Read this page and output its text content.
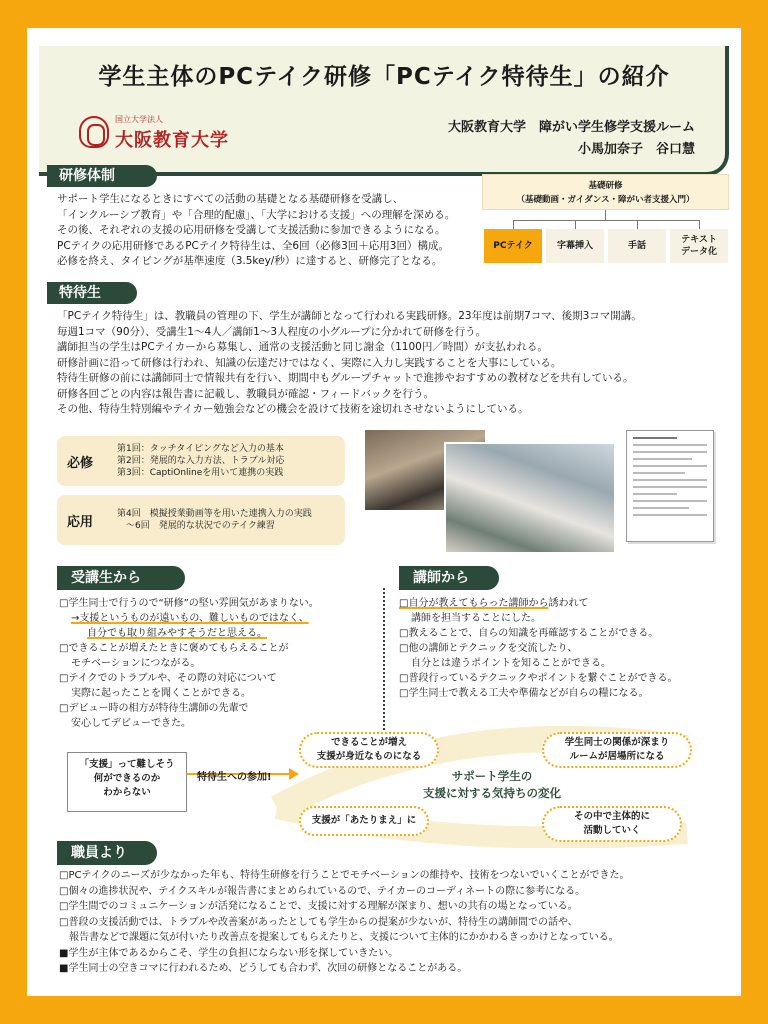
学生主体のPCテイク研修「PCテイク特待生」の紹介
国立大学法人
大阪教育大学
大阪教育大学　障がい学生修学支援ルーム
小馬加奈子　谷口慧
研修体制
サポート学生になるときにすべての活動の基礎となる基礎研修を受講し、
「インクルーシブ教育」や「合理的配慮」、「大学における支援」への理解を深める。
その後、それぞれの支援の応用研修を受講して支援活動に参加できるようになる。
PCテイクの応用研修であるPCテイク特待生は、全6回（必修3回＋応用3回）構成。
必修を終え、タイピングが基準速度（3.5key/秒）に達すると、研修完了となる。
基礎研修
（基礎動画・ガイダンス・障がい者支援入門）
PCテイク	字幕挿入	手話
テキスト
データ化
特待生
「PCテイク特待生」は、教職員の管理の下、学生が講師となって行われる実践研修。23年度は前期7コマ、後期3コマ開講。
毎週1コマ（90分）、受講生1～4人／講師1～3人程度の小グループに分かれて研修を行う。
講師担当の学生はPCテイカーから募集し、通常の支援活動と同じ謝金（1100円／時間）が支払われる。
研修計画に沿って研修は行われ、知識の伝達だけではなく、実際に入力し実践することを大事にしている。
特待生研修の前には講師同士で情報共有を行い、期間中もグループチャットで進捗やおすすめの教材などを共有している。
研修各回ごとの内容は報告書に記載し、教職員が確認・フィードバックを行う。
その他、特待生特別編やテイカー勉強会などの機会を設けて技術を途切れさせないようにしている。
必修
第1回：タッチタイピングなど入力の基本
第2回：発展的な入力方法、トラブル対応
第3回：CaptiOnlineを用いて連携の実践
応用
第4回　模擬授業動画等を用いた連携入力の実践
　～6回　発展的な状況でのテイク練習
受講生から
□学生同士で行うので“研修”の堅い雰囲気があまりない。
→支援というものが遠いもの、難しいものではなく、
自分でも取り組みやすそうだと思える。
□できることが増えたときに褒めてもらえることが
モチベーションにつながる。
□テイクでのトラブルや、その際の対応について
実際に起ったことを聞くことができる。
□デビュー時の相方が特待生講師の先輩で
安心してデビューできた。
講師から
□自分が教えてもらった講師から誘われて
講師を担当することにした。
□教えることで、自らの知識を再確認することができる。
□他の講師とテクニックを交流したり、
自分とは違うポイントを知ることができる。
□普段行っているテクニックやポイントを繋ぐことができる。
□学生同士で教える工夫や準備などが自らの糧になる。
「支援」って難しそう
何ができるのか
わからない
特待生への参加!
できることが増え
支援が身近なものになる
支援が「あたりまえ」に
学生同士の関係が深まり
ルームが居場所になる
その中で主体的に
活動していく
サポート学生の
支援に対する気持ちの変化
職員より
□PCテイクのニーズが少なかった年も、特待生研修を行うことでモチベーションの維持や、技術をつないでいくことができた。
□個々の進捗状況や、テイクスキルが報告書にまとめられているので、テイカーのコーディネートの際に参考になる。
□学生間でのコミュニケーションが活発になることで、支援に対する理解が深まり、想いの共有の場となっている。
□普段の支援活動では、トラブルや改善案があったとしても学生からの提案が少ないが、特待生の講師間での話や、
　報告書などで課題に気が付いたり改善点を提案してもらえたりと、支援について主体的にかかわるきっかけとなっている。
■学生が主体であるからこそ、学生の負担にならない形を探していきたい。
■学生同士の空きコマに行われるため、どうしても合わず、次回の研修となることがある。
